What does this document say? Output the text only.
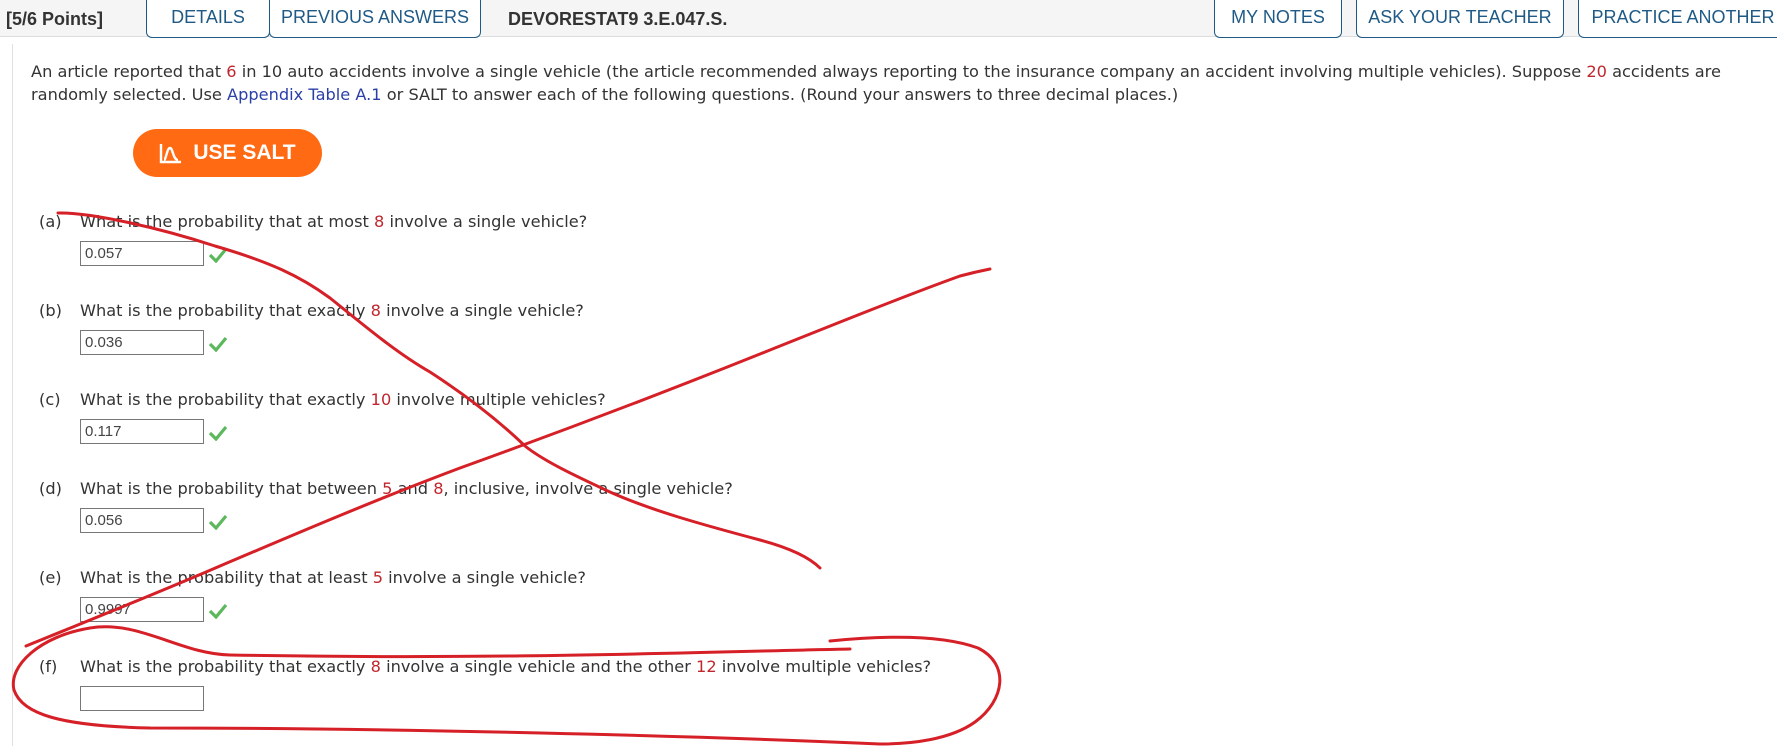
[5/6 Points]	DETAILS	PREVIOUS ANSWERS	DEVORESTAT9 3.E.047.S.	MY NOTES	ASK YOUR TEACHER	PRACTICE ANOTHER
An article reported that 6 in 10 auto accidents involve a single vehicle (the article recommended always reporting to the insurance company an accident involving multiple vehicles). Suppose 20 accidents are randomly selected. Use Appendix Table A.1 or SALT to answer each of the following questions. (Round your answers to three decimal places.)
USE SALT
(a) What is the probability that at most 8 involve a single vehicle?
0.057
(b) What is the probability that exactly 8 involve a single vehicle?
0.036
(c) What is the probability that exactly 10 involve multiple vehicles?
0.117
(d) What is the probability that between 5 and 8, inclusive, involve a single vehicle?
0.056
(e) What is the probability that at least 5 involve a single vehicle?
0.9997
(f) What is the probability that exactly 8 involve a single vehicle and the other 12 involve multiple vehicles?
